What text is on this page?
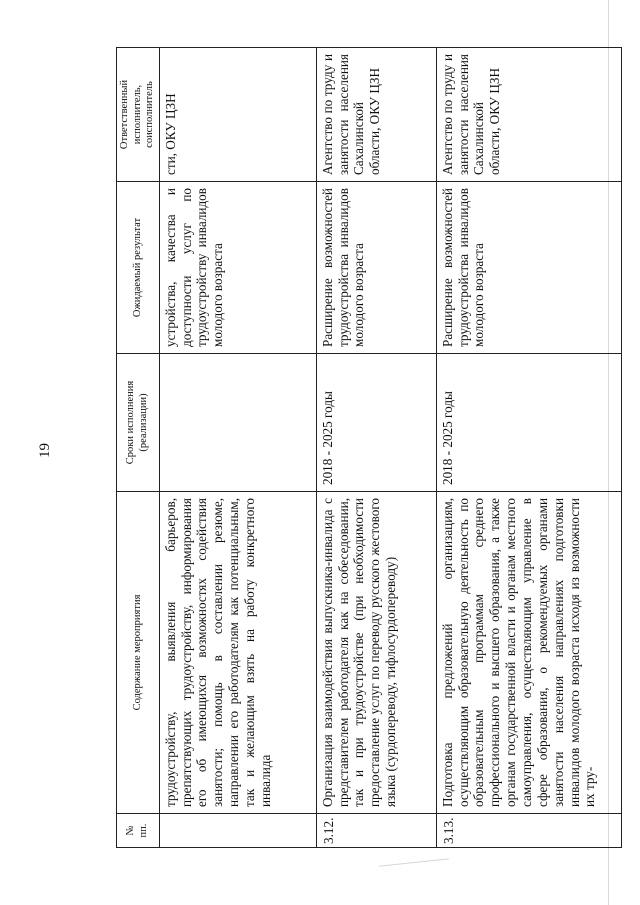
19
№ пп.	Содержание мероприятия	Сроки исполнения (реализации)	Ожидаемый результат	Ответственный исполнитель, соисполнитель
	трудоустройству, выявления барьеров, препятствующих трудоустройству, информирования его об имеющихся возможностях содействия занятости; помощь в составлении резюме, направлении его работодателям как потенциальным, так и желающим взять на работу конкретного инвалида		устройства, качества и доступности услуг по трудоустройству инвалидов молодого возраста	сти, ОКУ ЦЗН
3.12.	Организация взаимодействия выпускника-инвалида с представителем работодателя как на собеседовании, так и при трудоустройстве (при необходимости предоставление услуг по переводу русского жестового языка (сурдопереводу, тифлосурдопереводу)	2018 - 2025 годы	Расширение возможностей трудоустройства инвалидов молодого возраста	Агентство по труду и занятости населения Сахалинской области, ОКУ ЦЗН
3.13.	Подготовка предложений организациям, осуществляющим образовательную деятельность по образовательным программам среднего профессионального и высшего образования, а также органам государственной власти и органам местного самоуправления, осуществляющим управление в сфере образования, о рекомендуемых органами занятости населения направлениях подготовки инвалидов молодого возраста исходя из возможности их тру-	2018 - 2025 годы	Расширение возможностей трудоустройства инвалидов молодого возраста	Агентство по труду и занятости населения Сахалинской области, ОКУ ЦЗН
